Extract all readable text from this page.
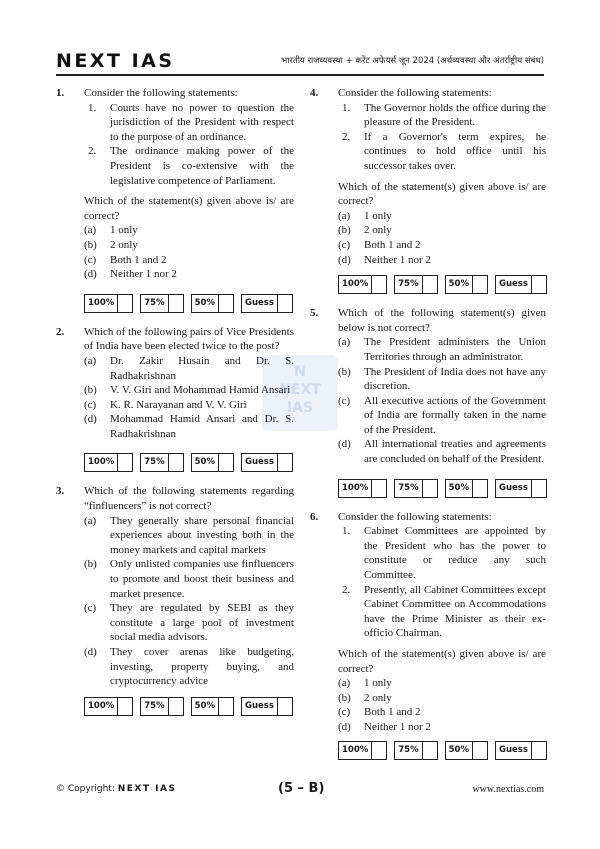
NEXT IAS	भारतीय राजव्यवस्था + करेंट अफेयर्स जून 2024 (अर्थव्यवस्था और अंतर्राष्ट्रीय संबंध)
N
NEXT
IAS
1. Consider the following statements:
1. Courts have no power to question the jurisdiction of the President with respect to the purpose of an ordinance.
2. The ordinance making power of the President is co-extensive with the legislative competence of Parliament.
Which of the statement(s) given above is/ are correct?
(a) 1 only
(b) 2 only
(c) Both 1 and 2
(d) Neither 1 nor 2
100%	75%	50%	Guess
2. Which of the following pairs of Vice Presidents of India have been elected twice to the post?
(a) Dr. Zakir Husain and Dr. S. Radhakrishnan
(b) V. V. Giri and Mohammad Hamid Ansari
(c) K. R. Narayanan and V. V. Giri
(d) Mohammad Hamid Ansari and Dr. S. Radhakrishnan
100%	75%	50%	Guess
3. Which of the following statements regarding “finfluencers” is not correct?
(a) They generally share personal financial experiences about investing both in the money markets and capital markets
(b) Only unlisted companies use finfluencers to promote and boost their business and market presence.
(c) They are regulated by SEBI as they constitute a large pool of investment social media advisors.
(d) They cover arenas like budgeting, investing, property buying, and cryptocurrency advice
100%	75%	50%	Guess
4. Consider the following statements:
1. The Governor holds the office during the pleasure of the President.
2. If a Governor's term expires, he continues to hold office until his successor takes over.
Which of the statement(s) given above is/ are correct?
(a) 1 only
(b) 2 only
(c) Both 1 and 2
(d) Neither 1 nor 2
100%	75%	50%	Guess
5. Which of the following statement(s) given below is not correct?
(a) The President administers the Union Territories through an administrator.
(b) The President of India does not have any discretion.
(c) All executive actions of the Government of India are formally taken in the name of the President.
(d) All international treaties and agreements are concluded on behalf of the President.
100%	75%	50%	Guess
6. Consider the following statements:
1. Cabinet Committees are appointed by the President who has the power to constitute or reduce any such Committee.
2. Presently, all Cabinet Committees except Cabinet Committee on Accommodations have the Prime Minister as their ex-officio Chairman.
Which of the statement(s) given above is/ are correct?
(a) 1 only
(b) 2 only
(c) Both 1 and 2
(d) Neither 1 nor 2
100%	75%	50%	Guess
© Copyright: NEXT IAS	(5 – B)	www.nextias.com
